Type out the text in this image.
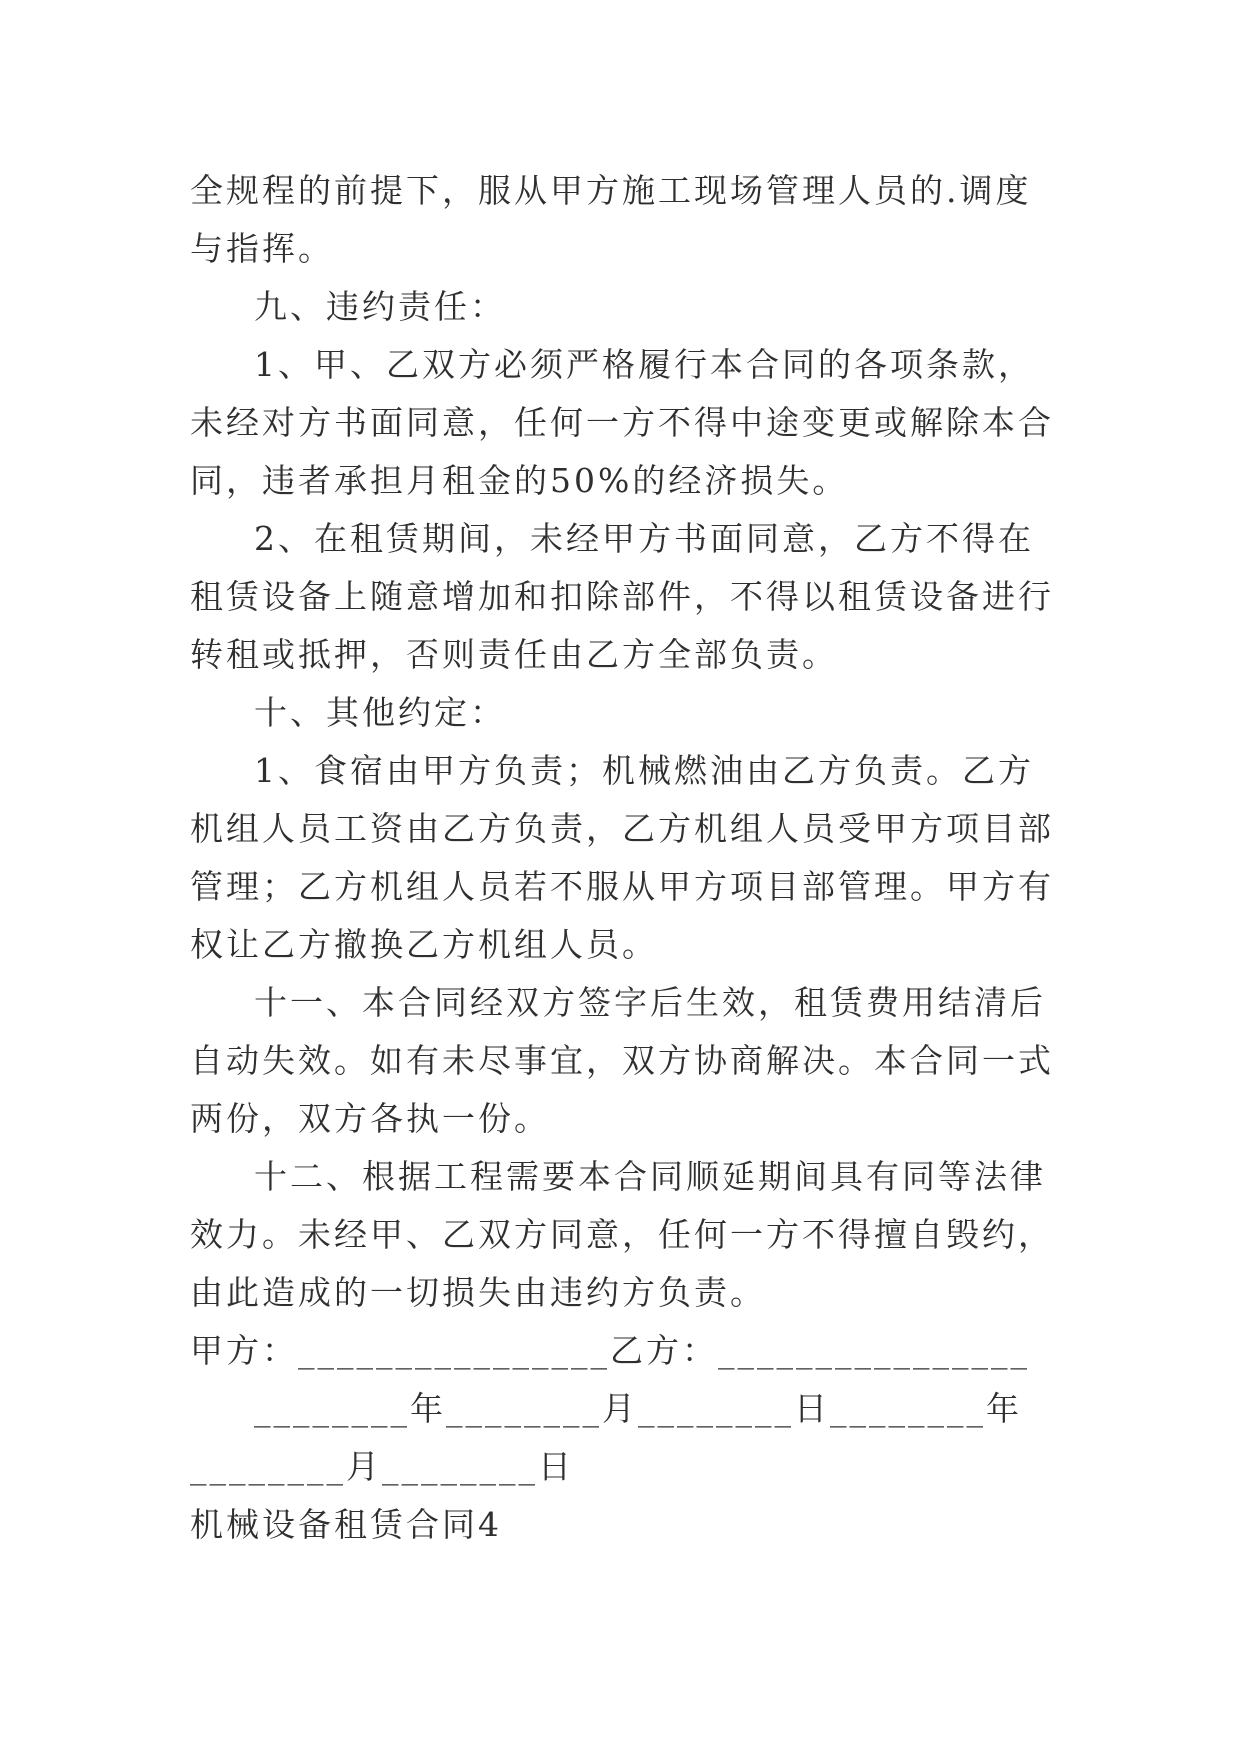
全规程的前提下，服从甲方施工现场管理人员的.调度与指挥。

九、违约责任：

1、甲、乙双方必须严格履行本合同的各项条款，未经对方书面同意，任何一方不得中途变更或解除本合同，违者承担月租金的50%的经济损失。

2、在租赁期间，未经甲方书面同意，乙方不得在租赁设备上随意增加和扣除部件，不得以租赁设备进行转租或抵押，否则责任由乙方全部负责。

十、其他约定：

1、食宿由甲方负责；机械燃油由乙方负责。乙方机组人员工资由乙方负责，乙方机组人员受甲方项目部管理；乙方机组人员若不服从甲方项目部管理。甲方有权让乙方撤换乙方机组人员。

十一、本合同经双方签字后生效，租赁费用结清后自动失效。如有未尽事宜，双方协商解决。本合同一式两份，双方各执一份。

十二、根据工程需要本合同顺延期间具有同等法律效力。未经甲、乙双方同意，任何一方不得擅自毁约，由此造成的一切损失由违约方负责。

甲方：________________乙方：________________

________年________月________日________年________月________日

机械设备租赁合同4
